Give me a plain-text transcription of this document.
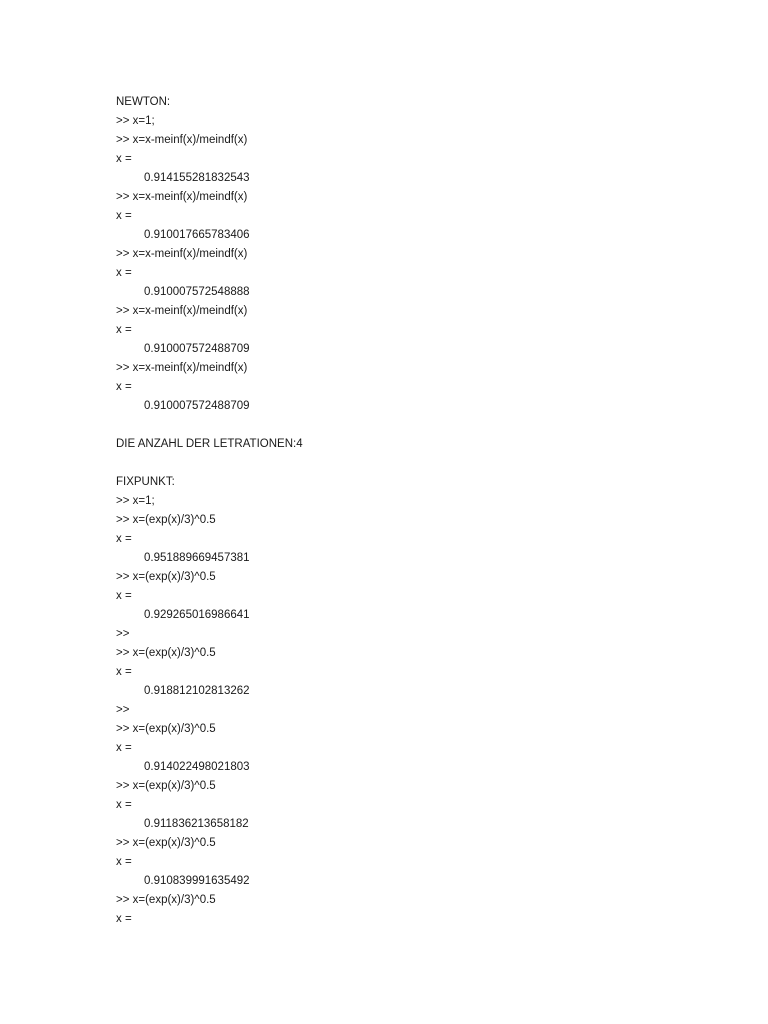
NEWTON:
>> x=1;
>> x=x-meinf(x)/meindf(x)
x =
0.914155281832543
>> x=x-meinf(x)/meindf(x)
x =
0.910017665783406
>> x=x-meinf(x)/meindf(x)
x =
0.910007572548888
>> x=x-meinf(x)/meindf(x)
x =
0.910007572488709
>> x=x-meinf(x)/meindf(x)
x =
0.910007572488709
DIE ANZAHL DER LETRATIONEN:4
FIXPUNKT:
>> x=1;
>> x=(exp(x)/3)^0.5
x =
0.951889669457381
>> x=(exp(x)/3)^0.5
x =
0.929265016986641
>>
>> x=(exp(x)/3)^0.5
x =
0.918812102813262
>>
>> x=(exp(x)/3)^0.5
x =
0.914022498021803
>> x=(exp(x)/3)^0.5
x =
0.911836213658182
>> x=(exp(x)/3)^0.5
x =
0.910839991635492
>> x=(exp(x)/3)^0.5
x =
